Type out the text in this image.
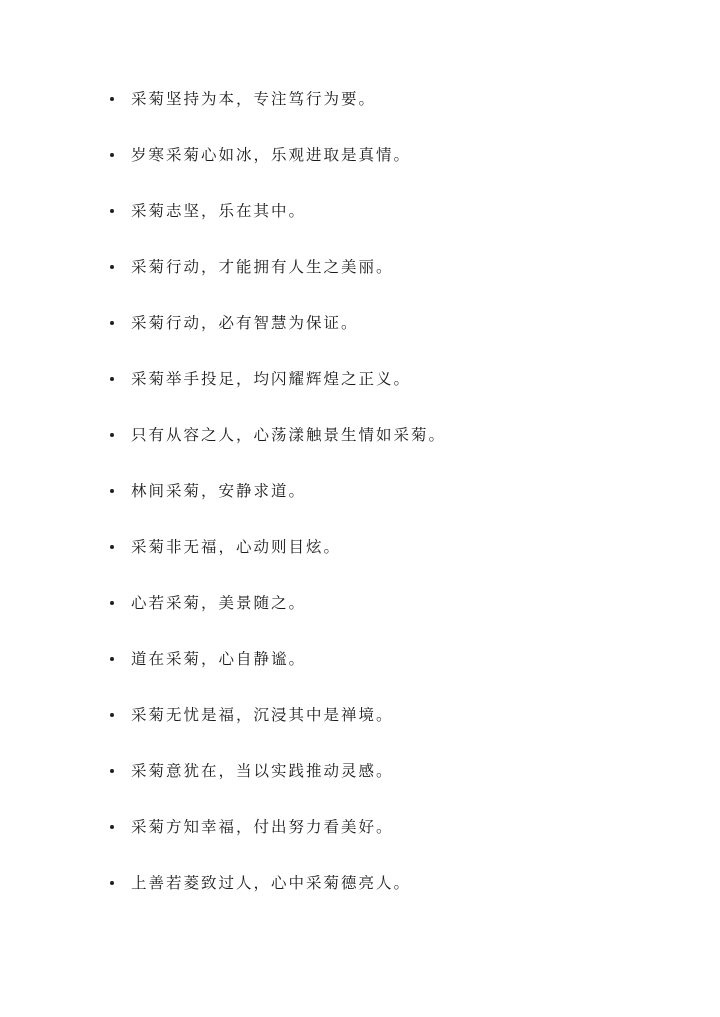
采菊坚持为本，专注笃行为要。
岁寒采菊心如冰，乐观进取是真情。
采菊志坚，乐在其中。
采菊行动，才能拥有人生之美丽。
采菊行动，必有智慧为保证。
采菊举手投足，均闪耀辉煌之正义。
只有从容之人，心荡漾触景生情如采菊。
林间采菊，安静求道。
采菊非无福，心动则目炫。
心若采菊，美景随之。
道在采菊，心自静谧。
采菊无忧是福，沉浸其中是禅境。
采菊意犹在，当以实践推动灵感。
采菊方知幸福，付出努力看美好。
上善若菱致过人，心中采菊德亮人。
